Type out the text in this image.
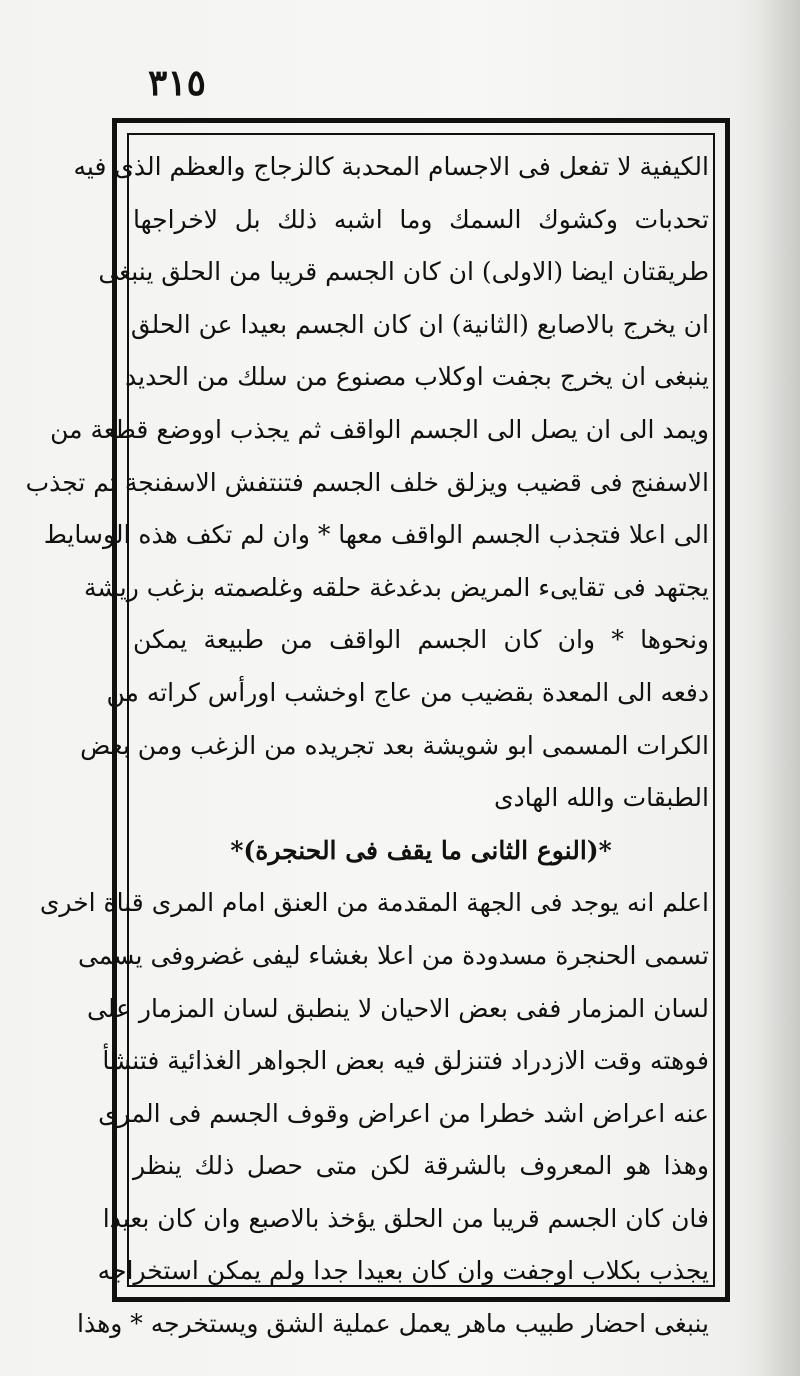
٣١٥
الكيفية لا تفعل فى الاجسام المحدبة كالزجاج والعظم الذى فيه
تحدبات وكشوك السمك وما اشبه ذلك بل لاخراجها
طريقتان ايضا (الاولى) ان كان الجسم قريبا من الحلق ينبغى
ان يخرج بالاصابع (الثانية) ان كان الجسم بعيدا عن الحلق
ينبغى ان يخرج بجفت اوكلاب مصنوع من سلك من الحديد
ويمد الى ان يصل الى الجسم الواقف ثم يجذب اووضع قطعة من
الاسفنج فى قضيب ويزلق خلف الجسم فتنتفش الاسفنجة ثم تجذب
الى اعلا فتجذب الجسم الواقف معها * وان لم تكف هذه الوسايط
يجتهد فى تقايىء المريض بدغدغة حلقه وغلصمته بزغب ريشة
ونحوها * وان كان الجسم الواقف من طبيعة يمكن
دفعه الى المعدة بقضيب من عاج اوخشب اورأس كراته من
الكرات المسمى ابو شويشة بعد تجريده من الزغب ومن بعض
الطبقات والله الهادى
*(النوع الثانى ما يقف فى الحنجرة)*
اعلم انه يوجد فى الجهة المقدمة من العنق امام المرى قناة اخرى
تسمى الحنجرة مسدودة من اعلا بغشاء ليفى غضروفى يسمى
لسان المزمار ففى بعض الاحيان لا ينطبق لسان المزمار على
فوهته وقت الازدراد فتنزلق فيه بعض الجواهر الغذائية فتنشأ
عنه اعراض اشد خطرا من اعراض وقوف الجسم فى المرى
وهذا هو المعروف بالشرقة لكن متى حصل ذلك ينظر
فان كان الجسم قريبا من الحلق يؤخذ بالاصبع وان كان بعيدا
يجذب بكلاب اوجفت وان كان بعيدا جدا ولم يمكن استخراجه
ينبغى احضار طبيب ماهر يعمل عملية الشق ويستخرجه * وهذا
